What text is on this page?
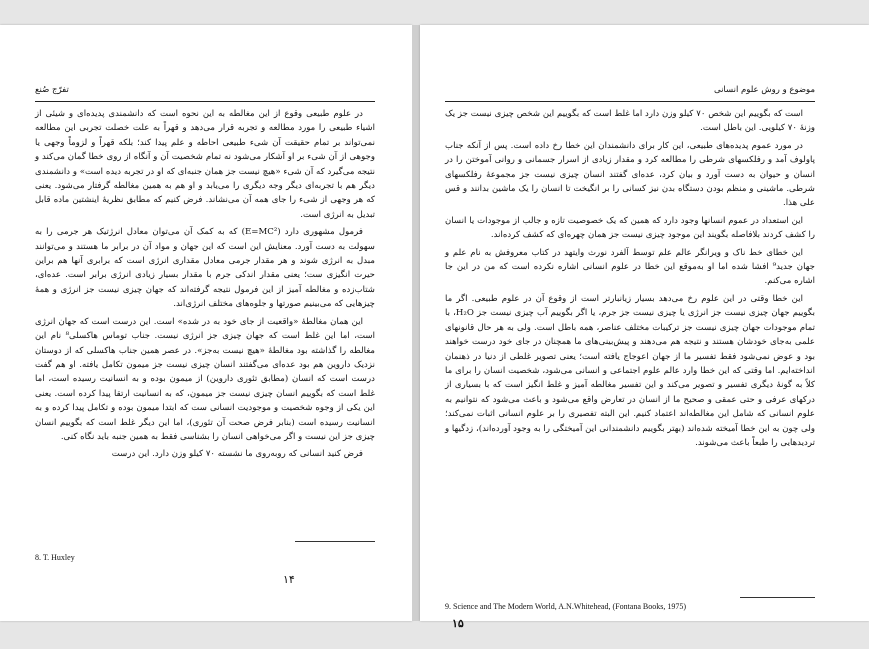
تفرّج صُنع

در علوم طبیعی وقوع از این مغالطه به این نحوه است که دانشمندی پدیده‌ای و شیئی از اشیاء طبیعی را مورد مطالعه و تجربه قرار می‌دهد و قهراً به علت خصلت تجربی این مطالعه نمی‌تواند بر تمام حقیقت آن شیء طبیعی احاطه و علم پیدا کند؛ بلکه قهراً و لزوماً وجهی یا وجوهی از آن شیء بر او آشکار می‌شود نه تمام شخصیت آن و آنگاه از روی خطا گمان می‌کند و نتیجه می‌گیرد که آن شیء «هیچ نیست جز همان جنبه‌ای که او در تجربه دیده است» و دانشمندی دیگر هم با تجربه‌ای دیگر وجه دیگری را می‌یابد و او هم به همین مغالطه گرفتار می‌شود. یعنی که هر وجهی از شیء را جای همه آن می‌نشاند. فرض کنیم که مطابق نظریهٔ اینشتین ماده قابل تبدیل به انرژی است.

فرمول مشهوری دارد (E=MC²) که به کمک آن می‌توان معادل انرژتیک هر جرمی را به سهولت به دست آورد. معنایش این است که این جهان و مواد آن در برابر ما هستند و می‌توانند مبدل به انرژی شوند و هر مقدار جرمی معادل مقداری انرژی است که برابری آنها هم براین حیرت انگیزی ست؛ یعنی مقدار اندکی جرم با مقدار بسیار زیادی انرژی برابر است. عده‌ای، شتاب‌زده و مغالطه آمیز از این فرمول نتیجه گرفته‌اند که جهان چیزی نیست جز انرژی و همهٔ چیزهایی که می‌بینیم صورتها و جلوه‌های مختلف انرژی‌اند.

این همان مغالطهٔ «واقعیت از جای خود به در شده» است. این درست است که جهان انرژی است، اما این غلط است که جهان چیزی جز انرژی نیست. جناب توماس هاکسلی⁸ نام این مغالطه را گذاشته بود مغالطهٔ «هیچ نیست به‌جز». در عصر همین جناب هاکسلی که از دوستان نزدیک داروین هم بود عده‌ای می‌گفتند انسان چیزی نیست جز میمون تکامل یافته. او هم گفت درست است که انسان (مطابق تئوری داروین) از میمون بوده و به انسانیت رسیده است، اما غلط است که بگوییم انسان چیزی نیست جز میمون، که به انسانیت ارتقا پیدا کرده است. یعنی این یکی از وجوه شخصیت و موجودیت انسانی ست که ابتدا میمون بوده و تکامل پیدا کرده و به انسانیت رسیده است (بنابر فرض صحت آن تئوری)، اما این دیگر غلط است که بگوییم انسان چیزی جز این نیست و اگر می‌خواهی انسان را بشناسی فقط به همین جنبه باید نگاه کنی.

فرض کنید انسانی که روبه‌روی ما نشسته ۷۰ کیلو وزن دارد. این درست

8. T. Huxley
۱۴
موضوع و روش علوم انسانی

است که بگوییم این شخص ۷۰ کیلو وزن دارد اما غلط است که بگوییم این شخص چیزی نیست جز یک وزنهٔ ۷۰ کیلویی. این باطل است.

در مورد عموم پدیده‌های طبیعی، این کار برای دانشمندان این خطا رخ داده است. پس از آنکه جناب پاولوف آمد و رفلکسهای شرطی را مطالعه کرد و مقدار زیادی از اسرار جسمانی و روانی آموختن را در انسان و حیوان به دست آورد و بیان کرد، عده‌ای گفتند انسان چیزی نیست جز مجموعهٔ رفلکسهای شرطی. ماشینی و منظم بودن دستگاه بدن نیز کسانی را بر انگیخت تا انسان را یک ماشین بدانند و قس علی هذا.

این استعداد در عموم انسانها وجود دارد که همین که یک خصوصیت تازه و جالب از موجودات یا انسان را کشف کردند بلافاصله بگویند این موجود چیزی نیست جز همان چهره‌ای که کشف کرده‌اند.

این خطای خط ناک و ویرانگر عالم علم توسط آلفرد نورث وایتهد در کتاب معروفش به نام علم و جهان جدید⁹ افشا شده اما او به‌موقع این خطا در علوم انسانی اشاره نکرده است که من در این جا اشاره می‌کنم.

این خطا وقتی در این علوم رخ می‌دهد بسیار زیانبارتر است از وقوع آن در علوم طبیعی. اگر ما بگوییم جهان چیزی نیست جز انرژی یا چیزی نیست جز جرم، یا اگر بگوییم آب چیزی نیست جز H₂O، با تمام موجودات جهان چیزی نیست جز ترکیبات مختلف عناصر، همه باطل است. ولی به هر حال قانونهای علمی به‌جای خودشان هستند و نتیجه هم می‌دهند و پیش‌بینی‌های ما همچنان در جای خود درست خواهند بود و عوض نمی‌شود فقط تفسیر ما از جهان اعوجاج یافته است؛ یعنی تصویر غلطی از دنیا در ذهنمان انداخته‌ایم. اما وقتی که این خطا وارد عالم علوم اجتماعی و انسانی می‌شود، شخصیت انسان را برای ما کلاً به گونهٔ دیگری تفسیر و تصویر می‌کند و این تفسیر مغالطه آمیز و غلط انگیز است که با بسیاری از درکهای عرفی و حتی عمقی و صحیح ما از انسان در تعارض واقع می‌شود و باعث می‌شود که نتوانیم به علوم انسانی که شامل این مغالطه‌اند اعتماد کنیم. این البته تفصیری را بر علوم انسانی اثبات نمی‌کند؛ ولی چون به این خطا آمیخته شده‌اند (بهتر بگوییم دانشمندانی این آمیختگی را به وجود آورده‌اند)، زدگیها و تردیدهایی را طبعاً باعث می‌شوند.

9. Science and The Modern World, A.N.Whitehead, (Fontana Books, 1975)
۱۵
